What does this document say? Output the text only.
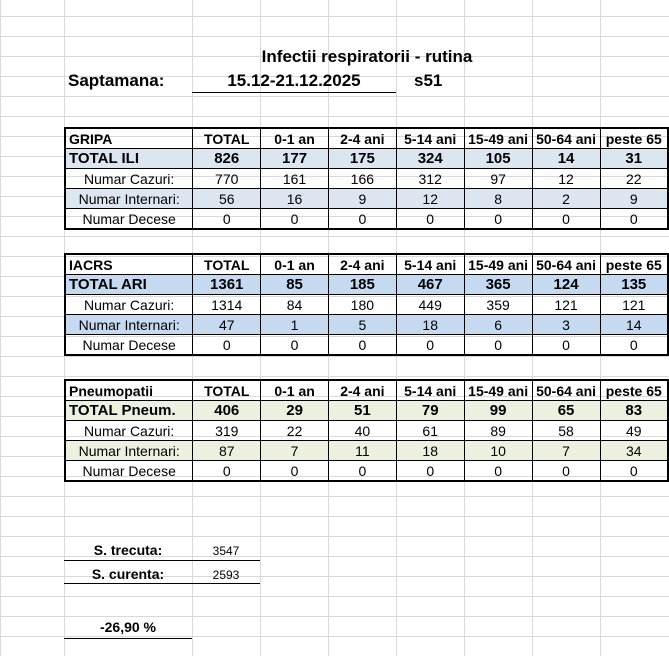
Infectii respiratorii - rutina
Saptamana:	15.12-21.12.2025	s51
GRIPA	TOTAL	0-1 an	2-4 ani	5-14 ani	15-49 ani	50-64 ani	peste 65
TOTAL ILI	826	177	175	324	105	14	31
Numar Cazuri:	770	161	166	312	97	12	22
Numar Internari:	56	16	9	12	8	2	9
Numar Decese	0	0	0	0	0	0	0
IACRS	TOTAL	0-1 an	2-4 ani	5-14 ani	15-49 ani	50-64 ani	peste 65
TOTAL ARI	1361	85	185	467	365	124	135
Numar Cazuri:	1314	84	180	449	359	121	121
Numar Internari:	47	1	5	18	6	3	14
Numar Decese	0	0	0	0	0	0	0
Pneumopatii	TOTAL	0-1 an	2-4 ani	5-14 ani	15-49 ani	50-64 ani	peste 65
TOTAL Pneum.	406	29	51	79	99	65	83
Numar Cazuri:	319	22	40	61	89	58	49
Numar Internari:	87	7	11	18	10	7	34
Numar Decese	0	0	0	0	0	0	0
S. trecuta:	3547
S. curenta:	2593
-26,90 %
